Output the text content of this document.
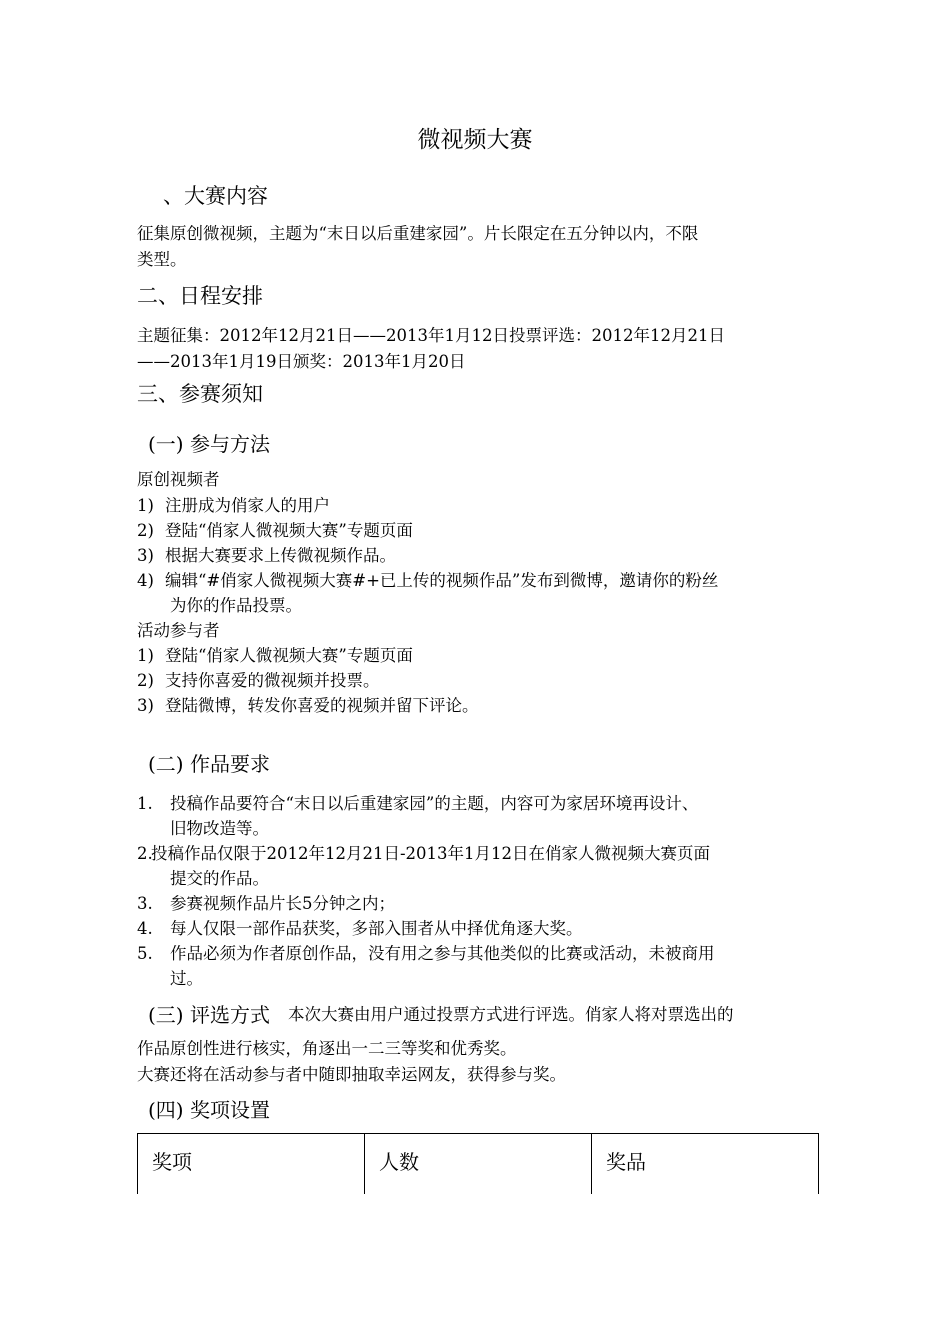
微视频大赛

、大赛内容

征集原创微视频，主题为“末日以后重建家园”。片长限定在五分钟以内，不限

类型。

二、日程安排

主题征集：2012年12月21日——2013年1月12日投票评选：2012年12月21日

——2013年1月19日颁奖：2013年1月20日

三、参赛须知

(一) 参与方法

原创视频者

1) 注册成为俏家人的用户

2) 登陆“俏家人微视频大赛”专题页面

3) 根据大赛要求上传微视频作品。

4) 编辑“#俏家人微视频大赛#+已上传的视频作品”发布到微博，邀请你的粉丝

为你的作品投票。

活动参与者

1) 登陆“俏家人微视频大赛”专题页面

2) 支持你喜爱的微视频并投票。

3) 登陆微博，转发你喜爱的视频并留下评论。

(二) 作品要求

1. 投稿作品要符合“末日以后重建家园”的主题，内容可为家居环境再设计、

旧物改造等。

2.
投稿作品仅限于2012年12月21日-2013年1月12日在俏家人微视频大赛页面

提交的作品。

3. 参赛视频作品片长5分钟之内；

4. 每人仅限一部作品获奖，多部入围者从中择优角逐大奖。

5. 作品必须为作者原创作品，没有用之参与其他类似的比赛或活动，未被商用

过。

(三) 评选方式 本次大赛由用户通过投票方式进行评选。俏家人将对票选出的

作品原创性进行核实，角逐出一二三等奖和优秀奖。

大赛还将在活动参与者中随即抽取幸运网友，获得参与奖。

(四) 奖项设置

奖项	人数	奖品
